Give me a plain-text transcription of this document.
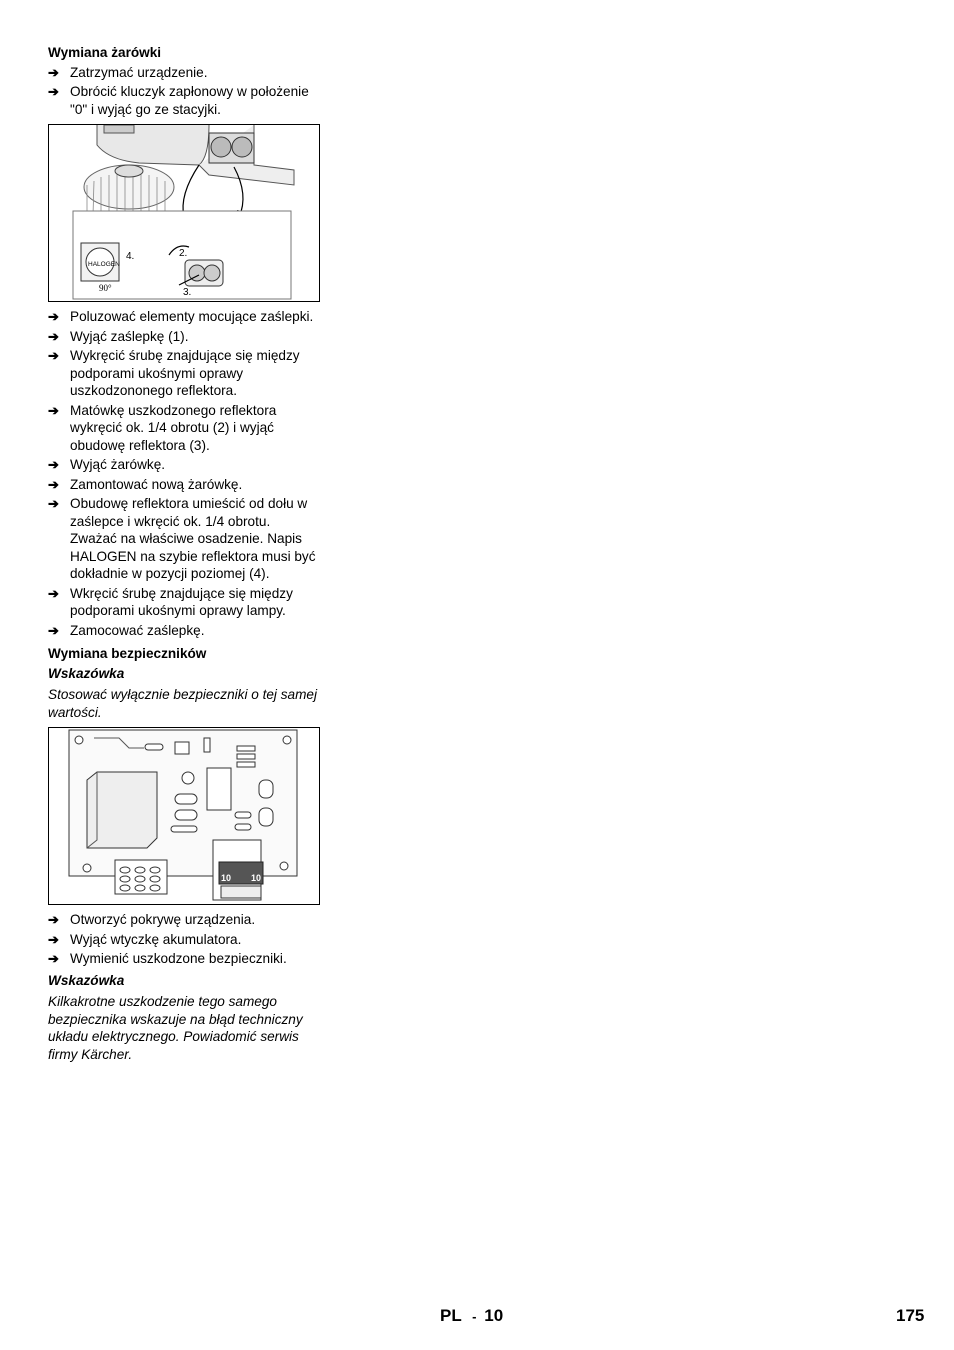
Wymiana żarówki
➔ Zatrzymać urządzenie.
➔ Obrócić kluczyk zapłonowy w położenie "0" i wyjąć go ze stacyjki.
HALOGEN
90°
4.	2.
3.
➔ Poluzować elementy mocujące zaślepki.
➔ Wyjąć zaślepkę (1).
➔ Wykręcić śrubę znajdujące się między podporami ukośnymi oprawy uszkodzononego reflektora.
➔ Matówkę uszkodzonego reflektora wykręcić ok. 1/4 obrotu (2) i wyjąć obudowę reflektora (3).
➔ Wyjąć żarówkę.
➔ Zamontować nową żarówkę.
➔ Obudowę reflektora umieścić od dołu w zaślepce i wkręcić ok. 1/4 obrotu. Zważać na właściwe osadzenie. Napis HALOGEN na szybie reflektora musi być dokładnie w pozycji poziomej (4).
➔ Wkręcić śrubę znajdujące się między podporami ukośnymi oprawy lampy.
➔ Zamocować zaślepkę.
Wymiana bezpieczników
Wskazówka
Stosować wyłącznie bezpieczniki o tej samej wartości.
10 10
➔ Otworzyć pokrywę urządzenia.
➔ Wyjąć wtyczkę akumulatora.
➔ Wymienić uszkodzone bezpieczniki.
Wskazówka
Kilkakrotne uszkodzenie tego samego bezpiecznika wskazuje na błąd techniczny układu elektrycznego. Powiadomić serwis firmy Kärcher.
PL - 10	175
